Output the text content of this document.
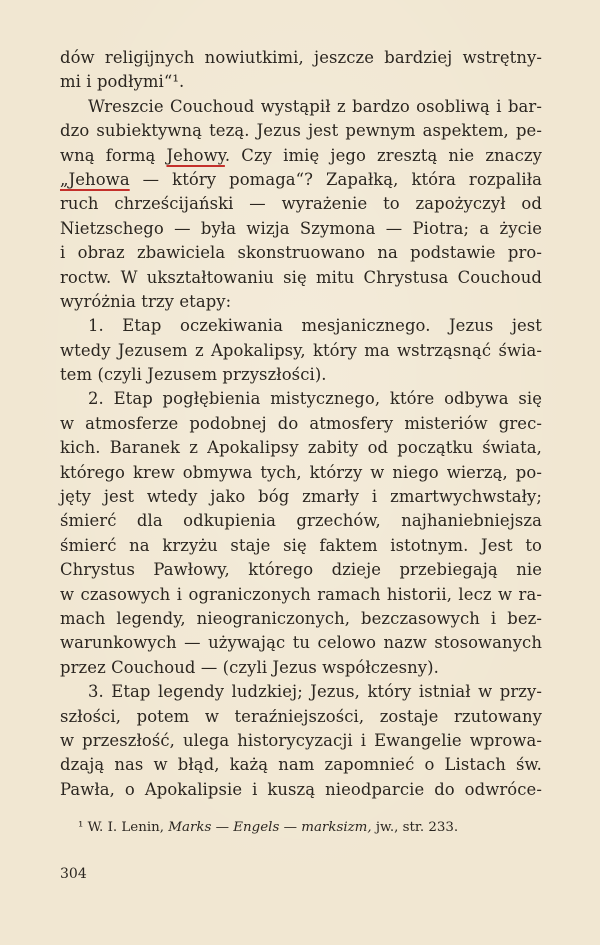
dów religijnych nowiutkimi, jeszcze bardziej wstrętny-
mi i podłymi“¹.
Wreszcie Couchoud wystąpił z bardzo osobliwą i bar-
dzo subiektywną tezą. Jezus jest pewnym aspektem, pe-
wną formą Jehowy. Czy imię jego zresztą nie znaczy
„Jehowa — który pomaga“? Zapałką, która rozpaliła
ruch chrześcijański — wyrażenie to zapożyczył od
Nietzschego — była wizja Szymona — Piotra; a życie
i obraz zbawiciela skonstruowano na podstawie pro-
roctw. W ukształtowaniu się mitu Chrystusa Couchoud
wyróżnia trzy etapy:
1. Etap oczekiwania mesjanicznego. Jezus jest
wtedy Jezusem z Apokalipsy, który ma wstrząsnąć świa-
tem (czyli Jezusem przyszłości).
2. Etap pogłębienia mistycznego, które odbywa się
w atmosferze podobnej do atmosfery misteriów grec-
kich. Baranek z Apokalipsy zabity od początku świata,
którego krew obmywa tych, którzy w niego wierzą, po-
jęty jest wtedy jako bóg zmarły i zmartwychwstały;
śmierć dla odkupienia grzechów, najhaniebniejsza
śmierć na krzyżu staje się faktem istotnym. Jest to
Chrystus Pawłowy, którego dzieje przebiegają nie
w czasowych i ograniczonych ramach historii, lecz w ra-
mach legendy, nieograniczonych, bezczasowych i bez-
warunkowych — używając tu celowo nazw stosowanych
przez Couchoud — (czyli Jezus współczesny).
3. Etap legendy ludzkiej; Jezus, który istniał w przy-
szłości, potem w teraźniejszości, zostaje rzutowany
w przeszłość, ulega historycyzacji i Ewangelie wprowa-
dzają nas w błąd, każą nam zapomnieć o Listach św.
Pawła, o Apokalipsie i kuszą nieodparcie do odwróce-
¹ W. I. Lenin, Marks — Engels — marksizm, jw., str. 233.
304
